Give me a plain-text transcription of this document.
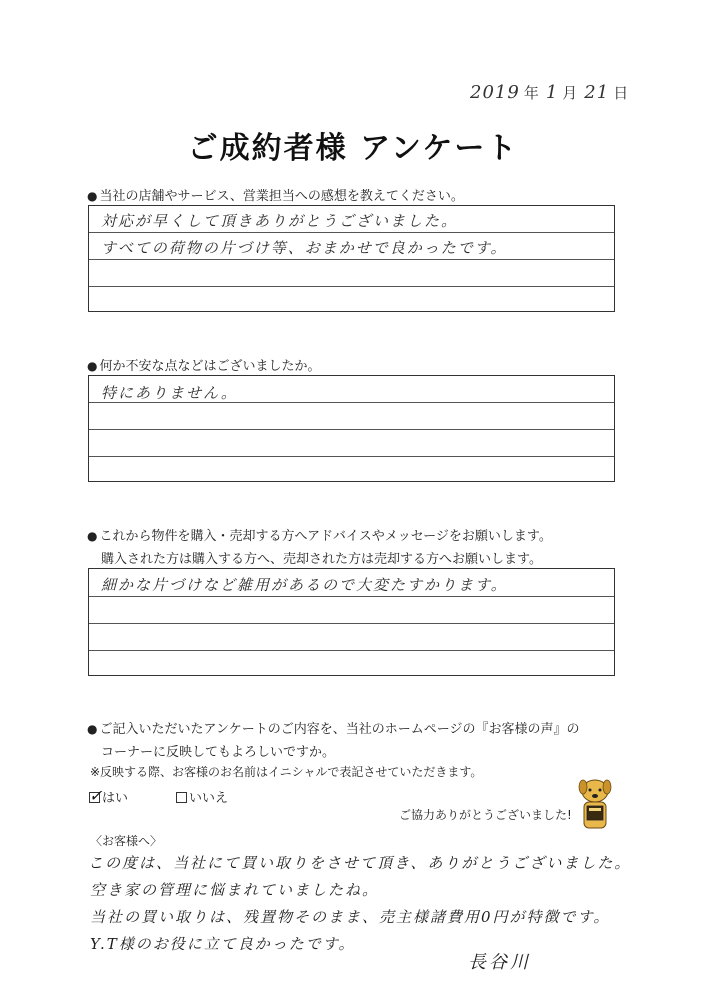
2019 年 1 月 21 日
ご成約者様 アンケート
● 当社の店舗やサービス、営業担当への感想を教えてください。
対応が早くして頂きありがとうございました。
すべての荷物の片づけ等、おまかせで良かったです。
● 何か不安な点などはございましたか。
特にありません。
● これから物件を購入・売却する方へアドバイスやメッセージをお願いします。
購入された方は購入する方へ、売却された方は売却する方へお願いします。
細かな片づけなど雑用があるので大変たすかります。
● ご記入いただいたアンケートのご内容を、当社のホームページの『お客様の声』の
コーナーに反映してもよろしいですか。
※反映する際、お客様のお名前はイニシャルで表記させていただきます。
✓ はい	いいえ
ご協力ありがとうございました!
〈お客様へ〉
この度は、当社にて買い取りをさせて頂き、ありがとうございました。
空き家の管理に悩まれていましたね。
当社の買い取りは、残置物そのまま、売主様諸費用0円が特徴です。
Y.T様のお役に立て良かったです。
長谷川
